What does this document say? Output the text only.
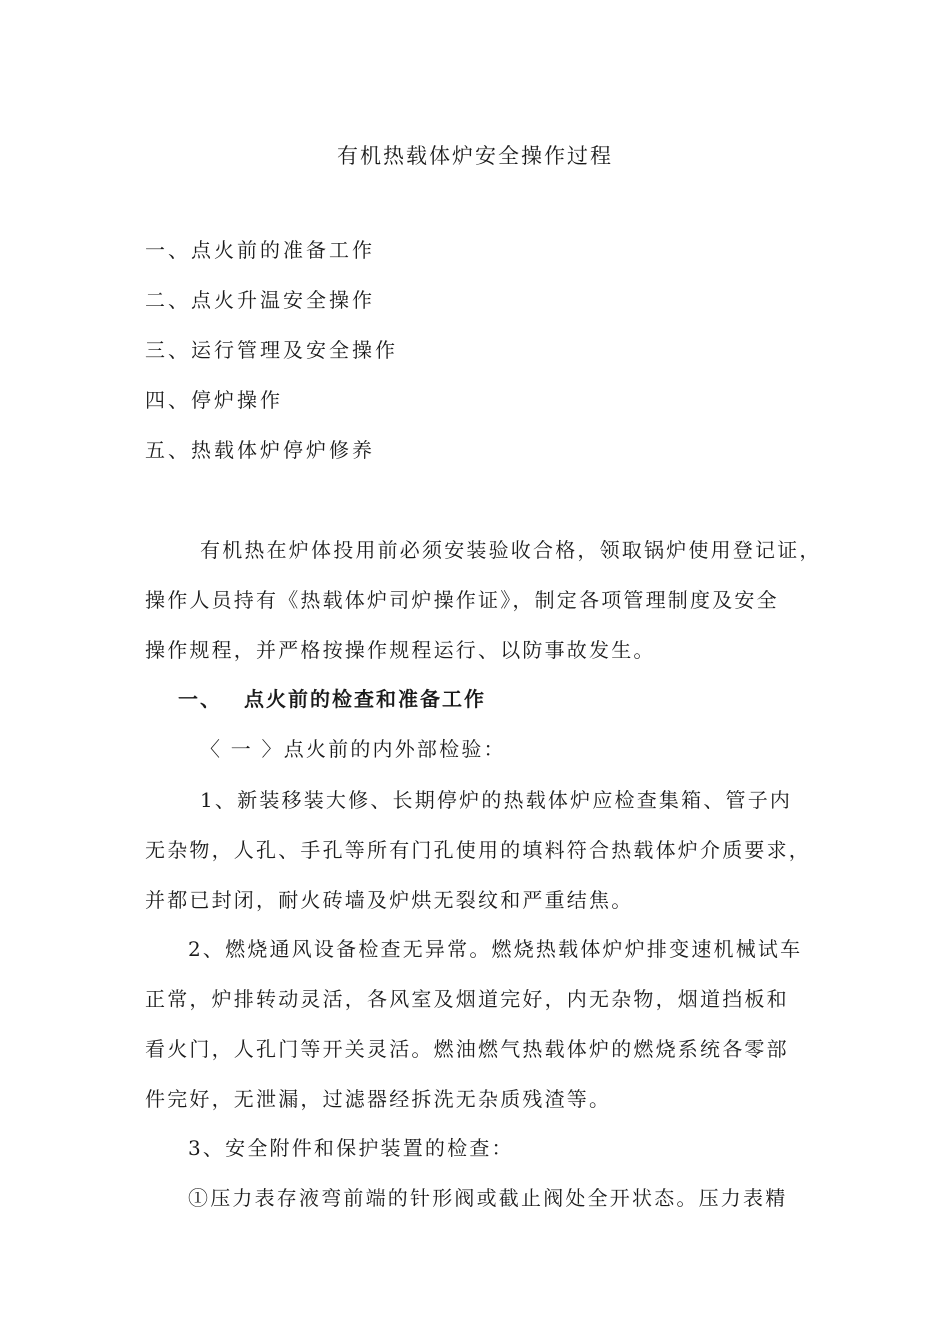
有机热载体炉安全操作过程
一、点火前的准备工作
二、点火升温安全操作
三、运行管理及安全操作
四、停炉操作
五、热载体炉停炉修养
有机热在炉体投用前必须安装验收合格，领取锅炉使用登记证，
操作人员持有《热载体炉司炉操作证》，制定各项管理制度及安全
操作规程，并严格按操作规程运行、以防事故发生。
一、 点火前的检查和准备工作
〈 一 〉点火前的内外部检验：
1、新装移装大修、长期停炉的热载体炉应检查集箱、管子内
无杂物，人孔、手孔等所有门孔使用的填料符合热载体炉介质要求，
并都已封闭，耐火砖墙及炉烘无裂纹和严重结焦。
2、燃烧通风设备检查无异常。燃烧热载体炉炉排变速机械试车
正常，炉排转动灵活，各风室及烟道完好，内无杂物，烟道挡板和
看火门，人孔门等开关灵活。燃油燃气热载体炉的燃烧系统各零部
件完好，无泄漏，过滤器经拆洗无杂质残渣等。
3、安全附件和保护装置的检查：
①压力表存液弯前端的针形阀或截止阀处全开状态。压力表精
